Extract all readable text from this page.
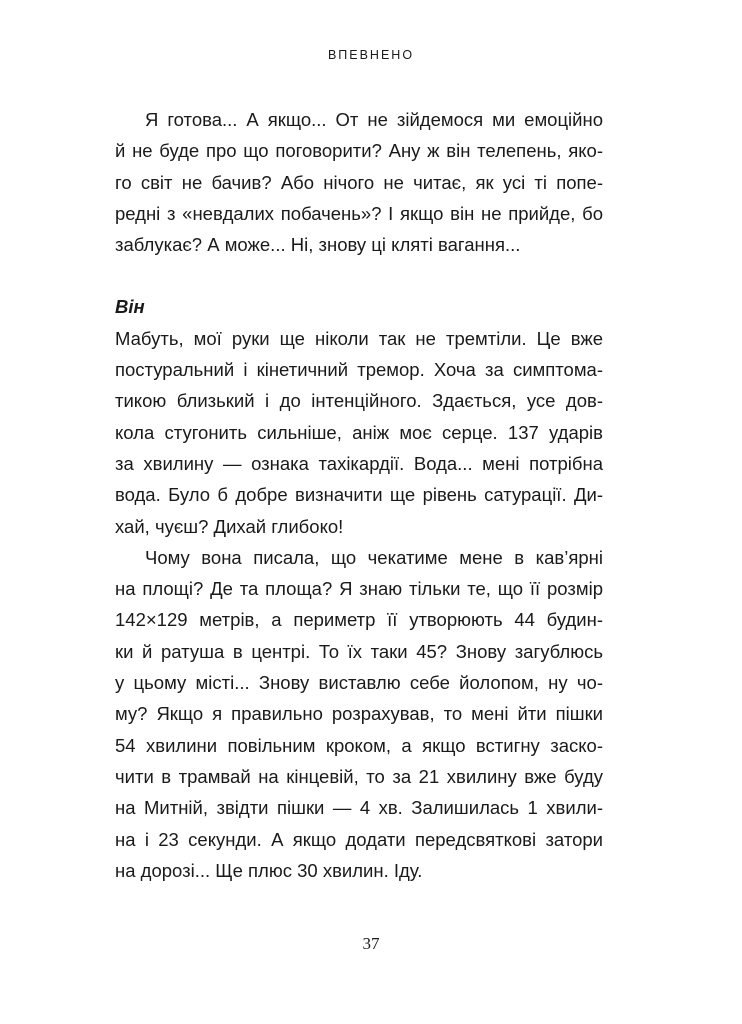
ВПЕВНЕНО
Я готова... А якщо... От не зійдемося ми емоційно
й не буде про що поговорити? Ану ж він телепень, яко-
го світ не бачив? Або нічого не читає, як усі ті попе-
редні з «невдалих побачень»? І якщо він не прийде, бо
заблукає? А може... Ні, знову ці кляті вагання...
Він
Мабуть, мої руки ще ніколи так не тремтіли. Це вже
постуральний і кінетичний тремор. Хоча за симптома-
тикою близький і до інтенційного. Здається, усе дов-
кола стугонить сильніше, аніж моє серце. 137 ударів
за хвилину — ознака тахікардії. Вода... мені потрібна
вода. Було б добре визначити ще рівень сатурації. Ди-
хай, чуєш? Дихай глибоко!
Чому вона писала, що чекатиме мене в кав’ярні
на площі? Де та площа? Я знаю тільки те, що її розмір
142×129 метрів, а периметр її утворюють 44 будин-
ки й ратуша в центрі. То їх таки 45? Знову загублюсь
у цьому місті... Знову виставлю себе йолопом, ну чо-
му? Якщо я правильно розрахував, то мені йти пішки
54 хвилини повільним кроком, а якщо встигну заско-
чити в трамвай на кінцевій, то за 21 хвилину вже буду
на Митній, звідти пішки — 4 хв. Залишилась 1 хвили-
на і 23 секунди. А якщо додати передсвяткові затори
на дорозі... Ще плюс 30 хвилин. Іду.
37
